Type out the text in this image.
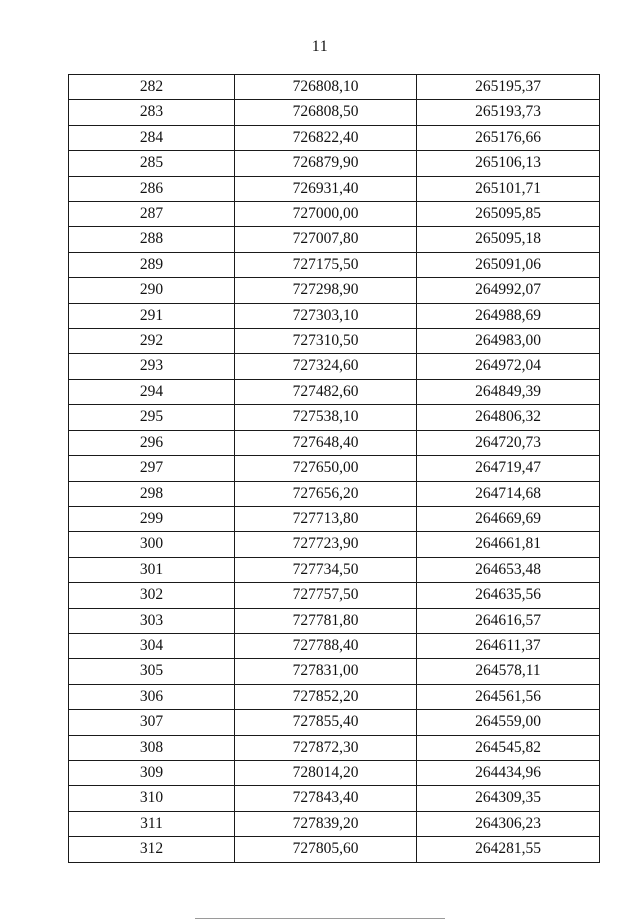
11
282	726808,10	265195,37
283	726808,50	265193,73
284	726822,40	265176,66
285	726879,90	265106,13
286	726931,40	265101,71
287	727000,00	265095,85
288	727007,80	265095,18
289	727175,50	265091,06
290	727298,90	264992,07
291	727303,10	264988,69
292	727310,50	264983,00
293	727324,60	264972,04
294	727482,60	264849,39
295	727538,10	264806,32
296	727648,40	264720,73
297	727650,00	264719,47
298	727656,20	264714,68
299	727713,80	264669,69
300	727723,90	264661,81
301	727734,50	264653,48
302	727757,50	264635,56
303	727781,80	264616,57
304	727788,40	264611,37
305	727831,00	264578,11
306	727852,20	264561,56
307	727855,40	264559,00
308	727872,30	264545,82
309	728014,20	264434,96
310	727843,40	264309,35
311	727839,20	264306,23
312	727805,60	264281,55
